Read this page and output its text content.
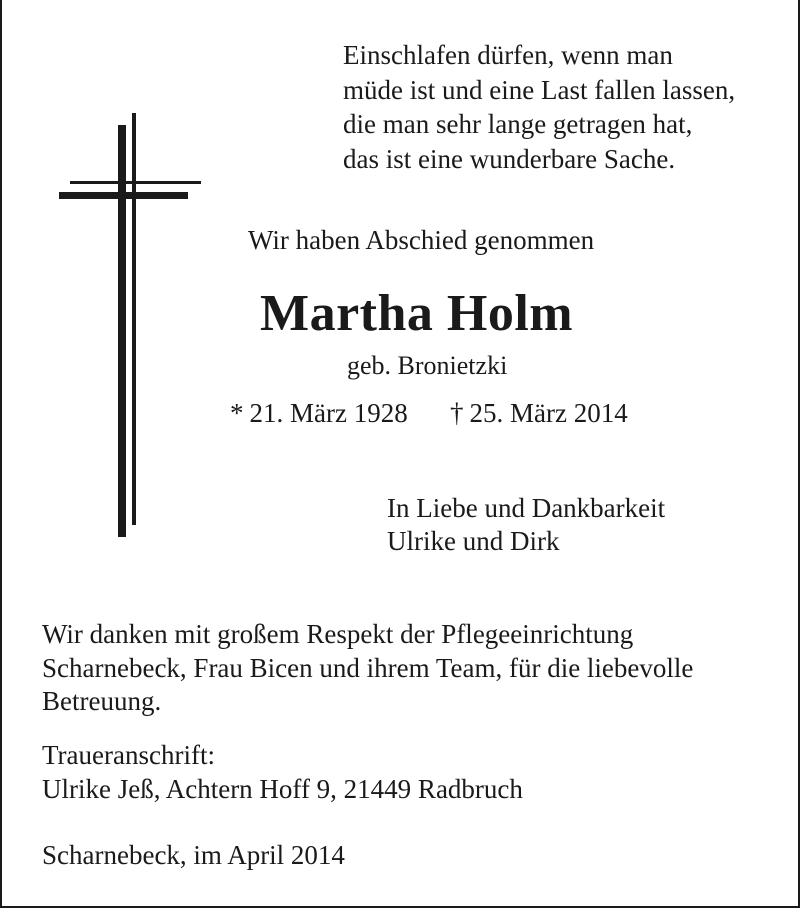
Einschlafen dürfen, wenn man
müde ist und eine Last fallen lassen,
die man sehr lange getragen hat,
das ist eine wunderbare Sache.
Wir haben Abschied genommen
Martha Holm
geb. Bronietzki
* 21. März 1928 † 25. März 2014
In Liebe und Dankbarkeit
Ulrike und Dirk
Wir danken mit großem Respekt der Pflegeeinrichtung
Scharnebeck, Frau Bicen und ihrem Team, für die liebevolle
Betreuung.
Traueranschrift:
Ulrike Jeß, Achtern Hoff 9, 21449 Radbruch
Scharnebeck, im April 2014
